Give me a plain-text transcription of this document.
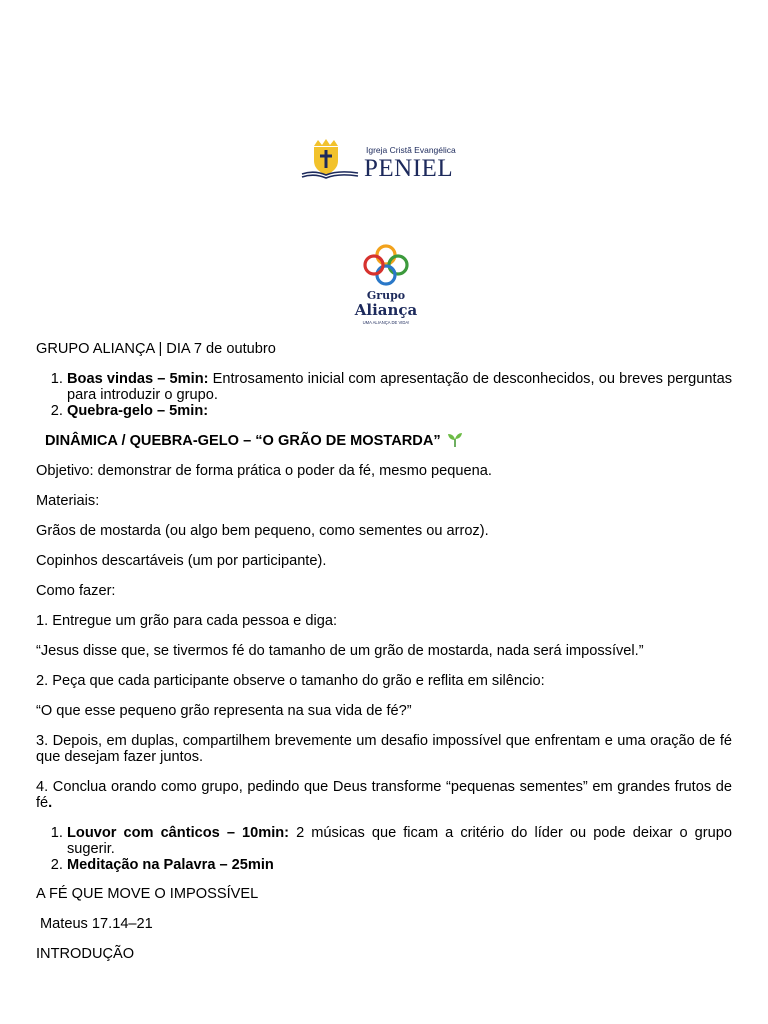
Igreja Cristã Evangélica
PENIEL
Grupo
Aliança
UMA ALIANÇA DE VIDA!

GRUPO ALIANÇA | DIA 7 de outubro

1. Boas vindas – 5min: Entrosamento inicial com apresentação de desconhecidos, ou breves perguntas para introduzir o grupo.
2. Quebra-gelo – 5min:

DINÂMICA / QUEBRA-GELO – “O GRÃO DE MOSTARDA”

Objetivo: demonstrar de forma prática o poder da fé, mesmo pequena.

Materiais:

Grãos de mostarda (ou algo bem pequeno, como sementes ou arroz).

Copinhos descartáveis (um por participante).

Como fazer:

1. Entregue um grão para cada pessoa e diga:

“Jesus disse que, se tivermos fé do tamanho de um grão de mostarda, nada será impossível.”

2. Peça que cada participante observe o tamanho do grão e reflita em silêncio:

“O que esse pequeno grão representa na sua vida de fé?”

3. Depois, em duplas, compartilhem brevemente um desafio impossível que enfrentam e uma oração de fé que desejam fazer juntos.

4. Conclua orando como grupo, pedindo que Deus transforme “pequenas sementes” em grandes frutos de fé.

1. Louvor com cânticos – 10min: 2 músicas que ficam a critério do líder ou pode deixar o grupo sugerir.
2. Meditação na Palavra – 25min

A FÉ QUE MOVE O IMPOSSÍVEL

Mateus 17.14–21

INTRODUÇÃO
